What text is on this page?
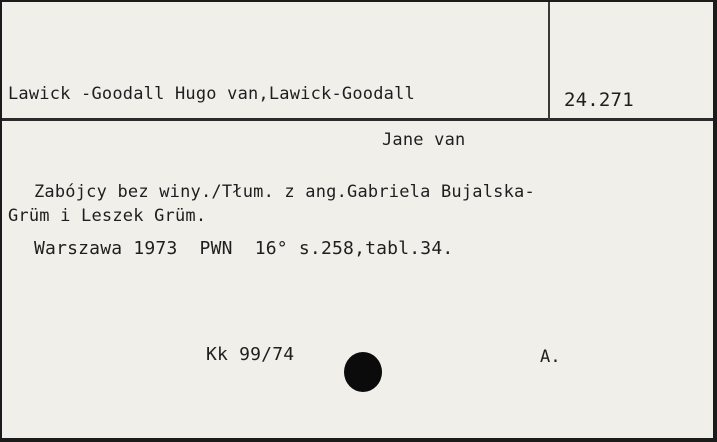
Lawick -Goodall Hugo van,Lawick-Goodall	24.271
Jane van
Zabójcy bez winy./Tłum. z ang.Gabriela Bujalska-
Grüm i Leszek Grüm.
Warszawa 1973  PWN  16° s.258,tabl.34.
Kk 99/74	A.
